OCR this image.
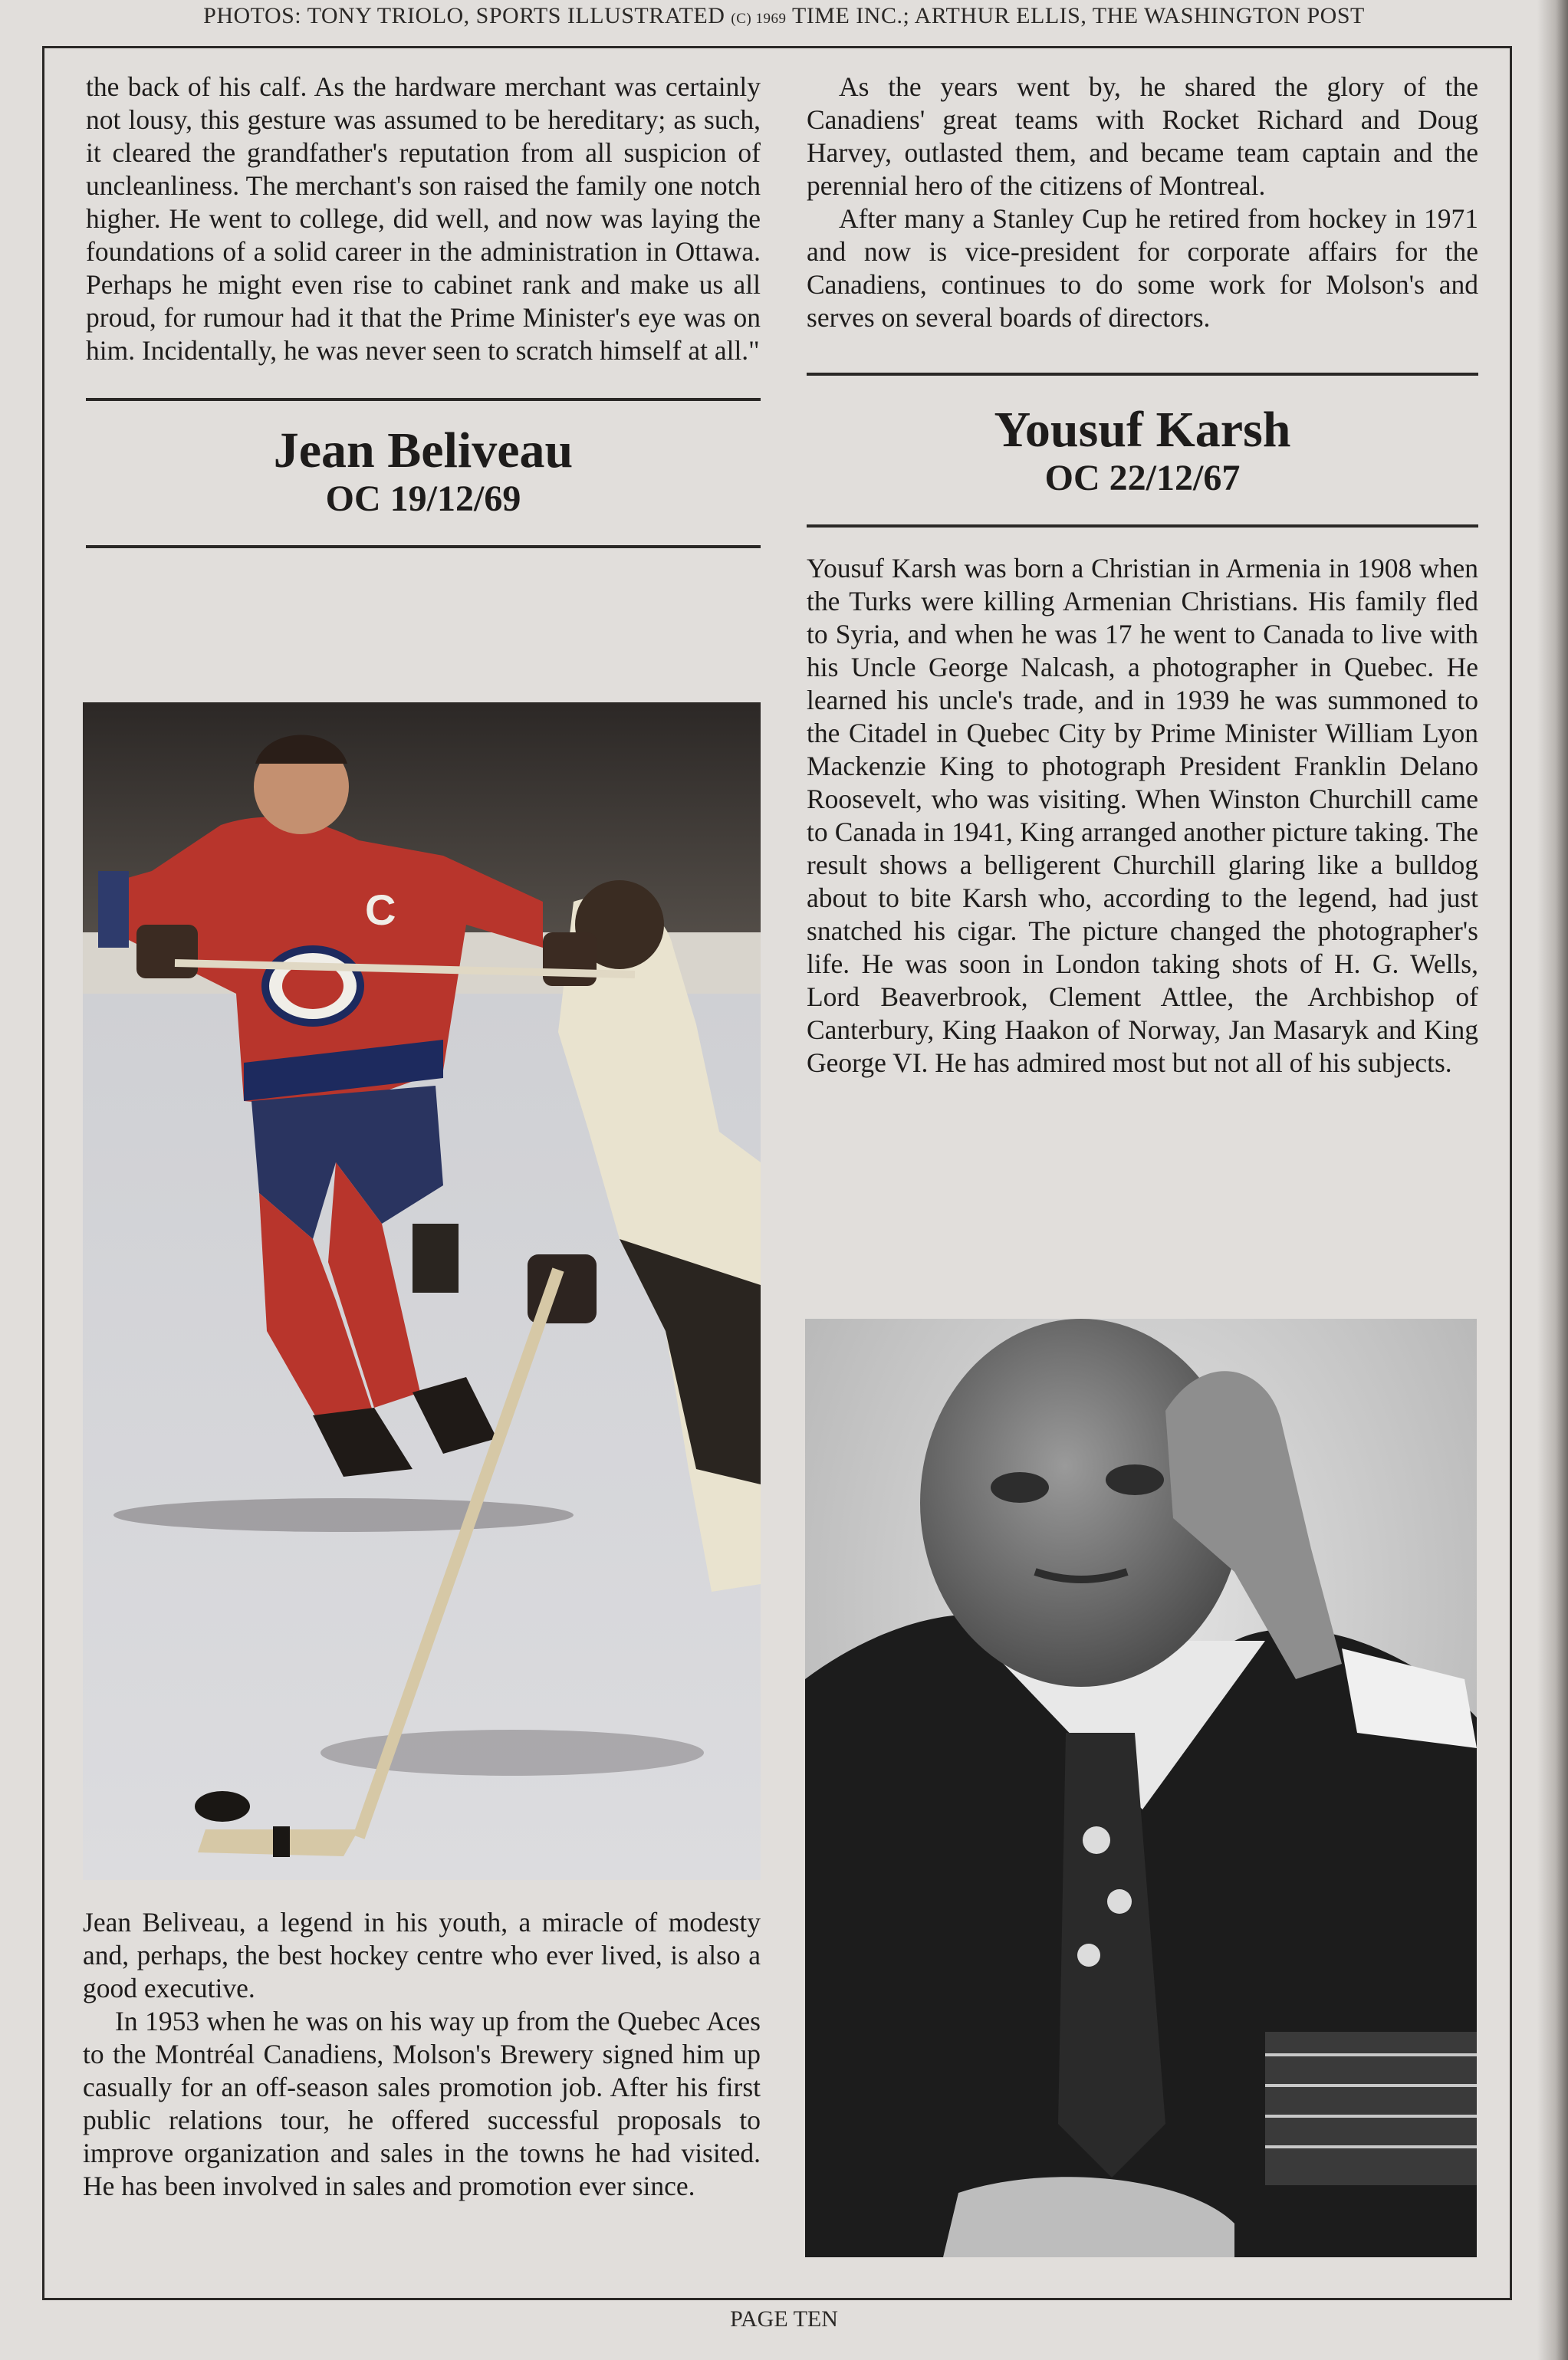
PHOTOS: TONY TRIOLO, SPORTS ILLUSTRATED (C) 1969 TIME INC.; ARTHUR ELLIS, THE WASHINGTON POST

the back of his calf. As the hardware merchant was certainly not lousy, this gesture was assumed to be hereditary; as such, it cleared the grandfather's reputation from all suspicion of uncleanliness. The merchant's son raised the family one notch higher. He went to college, did well, and now was laying the foundations of a solid career in the administration in Ottawa. Perhaps he might even rise to cabinet rank and make us all proud, for rumour had it that the Prime Minister's eye was on him. Incidentally, he was never seen to scratch himself at all."

Jean Beliveau
OC 19/12/69
C

Jean Beliveau, a legend in his youth, a miracle of modesty and, perhaps, the best hockey centre who ever lived, is also a good executive.

In 1953 when he was on his way up from the Quebec Aces to the Montréal Canadiens, Molson's Brewery signed him up casually for an off-season sales promotion job. After his first public relations tour, he offered successful proposals to improve organization and sales in the towns he had visited. He has been involved in sales and promotion ever since.

As the years went by, he shared the glory of the Canadiens' great teams with Rocket Richard and Doug Harvey, outlasted them, and became team captain and the perennial hero of the citizens of Montreal.

After many a Stanley Cup he retired from hockey in 1971 and now is vice-president for corporate affairs for the Canadiens, continues to do some work for Molson's and serves on several boards of directors.

Yousuf Karsh
OC 22/12/67

Yousuf Karsh was born a Christian in Armenia in 1908 when the Turks were killing Armenian Christians. His family fled to Syria, and when he was 17 he went to Canada to live with his Uncle George Nalcash, a photographer in Quebec. He learned his uncle's trade, and in 1939 he was summoned to the Citadel in Quebec City by Prime Minister William Lyon Mackenzie King to photograph President Franklin Delano Roosevelt, who was visiting. When Winston Churchill came to Canada in 1941, King arranged another picture taking. The result shows a belligerent Churchill glaring like a bulldog about to bite Karsh who, according to the legend, had just snatched his cigar. The picture changed the photographer's life. He was soon in London taking shots of H. G. Wells, Lord Beaverbrook, Clement Attlee, the Archbishop of Canterbury, King Haakon of Norway, Jan Masaryk and King George VI. He has admired most but not all of his subjects.

PAGE TEN
